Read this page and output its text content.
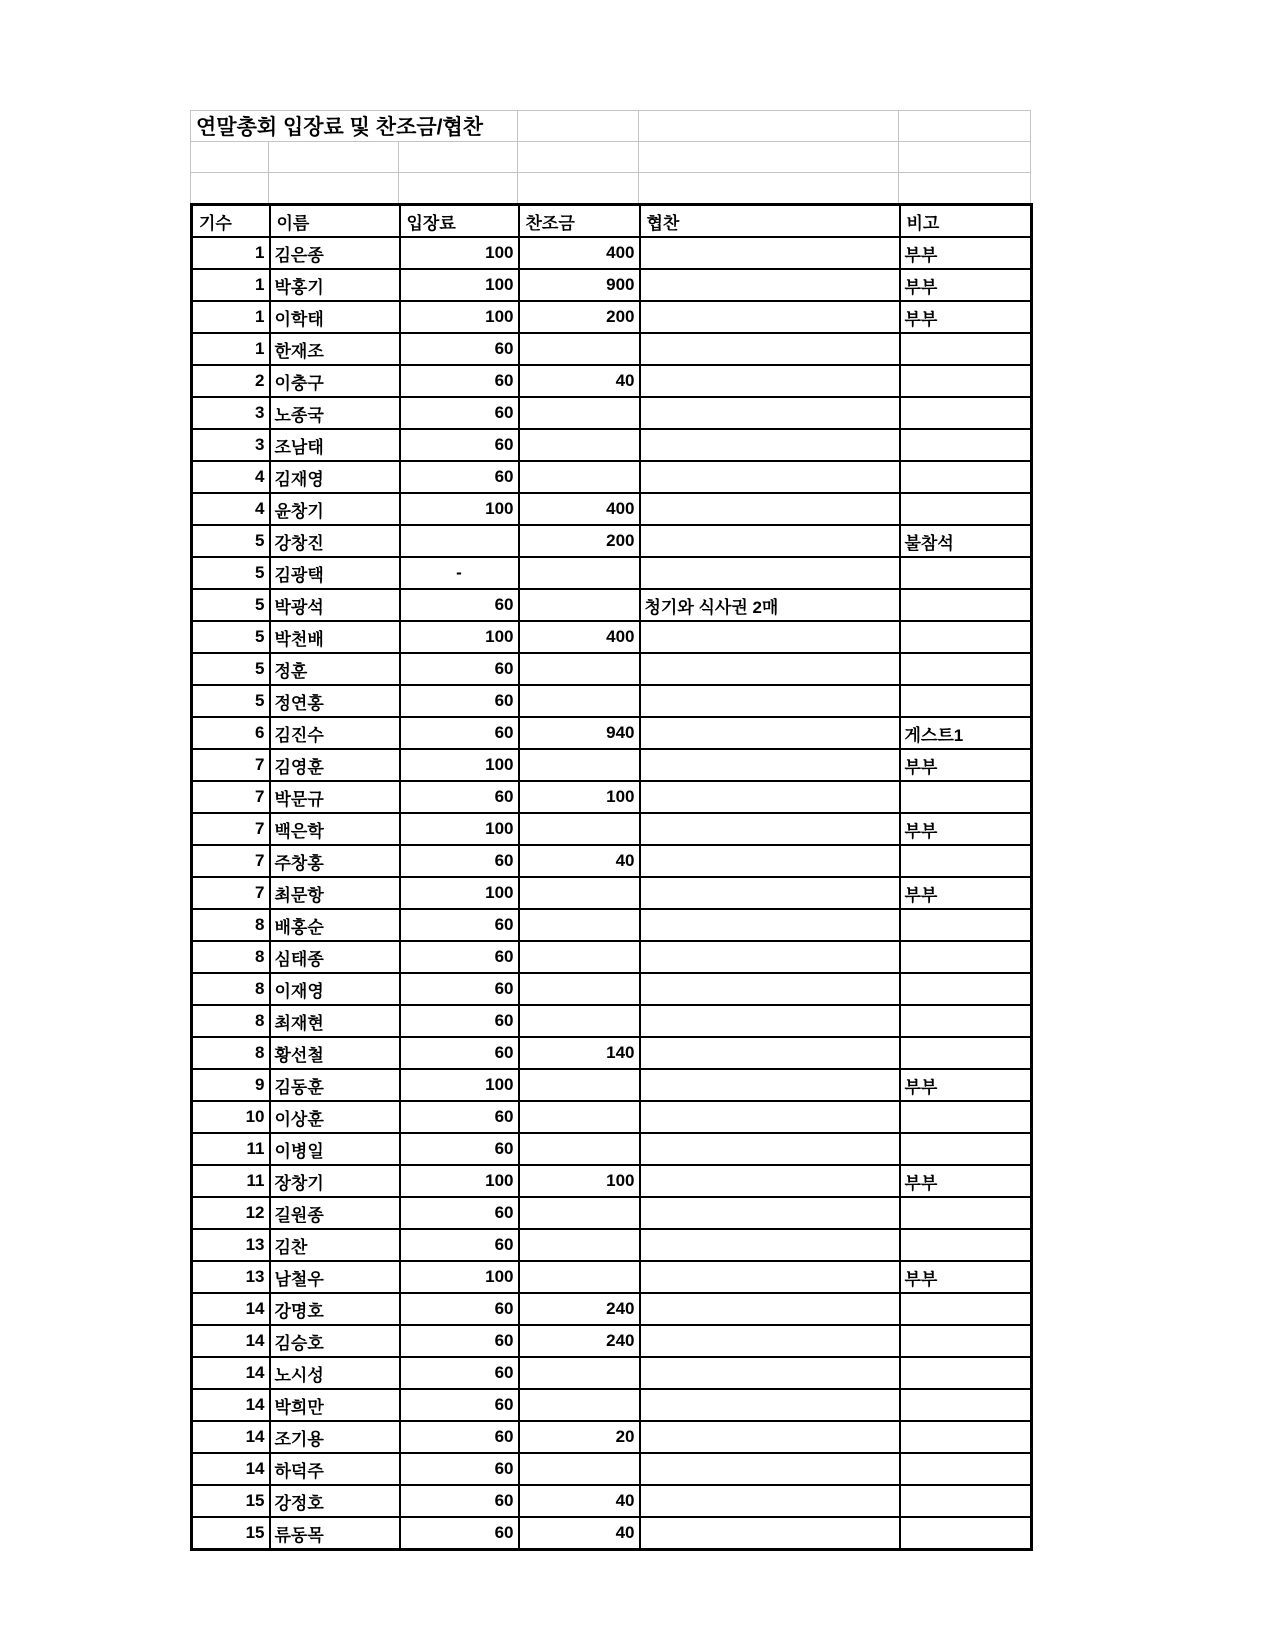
연말총회 입장료 및 찬조금/협찬					

기수	이름	입장료	찬조금	협찬	비고
1	김은종	100	400		부부
1	박홍기	100	900		부부
1	이학태	100	200		부부
1	한재조	60			
2	이충구	60	40		
3	노종국	60			
3	조남태	60			
4	김재영	60			
4	윤창기	100	400		
5	강창진		200		불참석
5	김광택	-			
5	박광석	60		청기와 식사권 2매	
5	박천배	100	400		
5	정훈	60			
5	정연홍	60			
6	김진수	60	940		게스트1
7	김영훈	100			부부
7	박문규	60	100		
7	백은학	100			부부
7	주창홍	60	40		
7	최문항	100			부부
8	배홍순	60			
8	심태종	60			
8	이재영	60			
8	최재현	60			
8	황선철	60	140		
9	김동훈	100			부부
10	이상훈	60			
11	이병일	60			
11	장창기	100	100		부부
12	길원종	60			
13	김찬	60			
13	남철우	100			부부
14	강명호	60	240		
14	김승호	60	240		
14	노시성	60			
14	박희만	60			
14	조기용	60	20		
14	하덕주	60			
15	강정호	60	40		
15	류동목	60	40		
